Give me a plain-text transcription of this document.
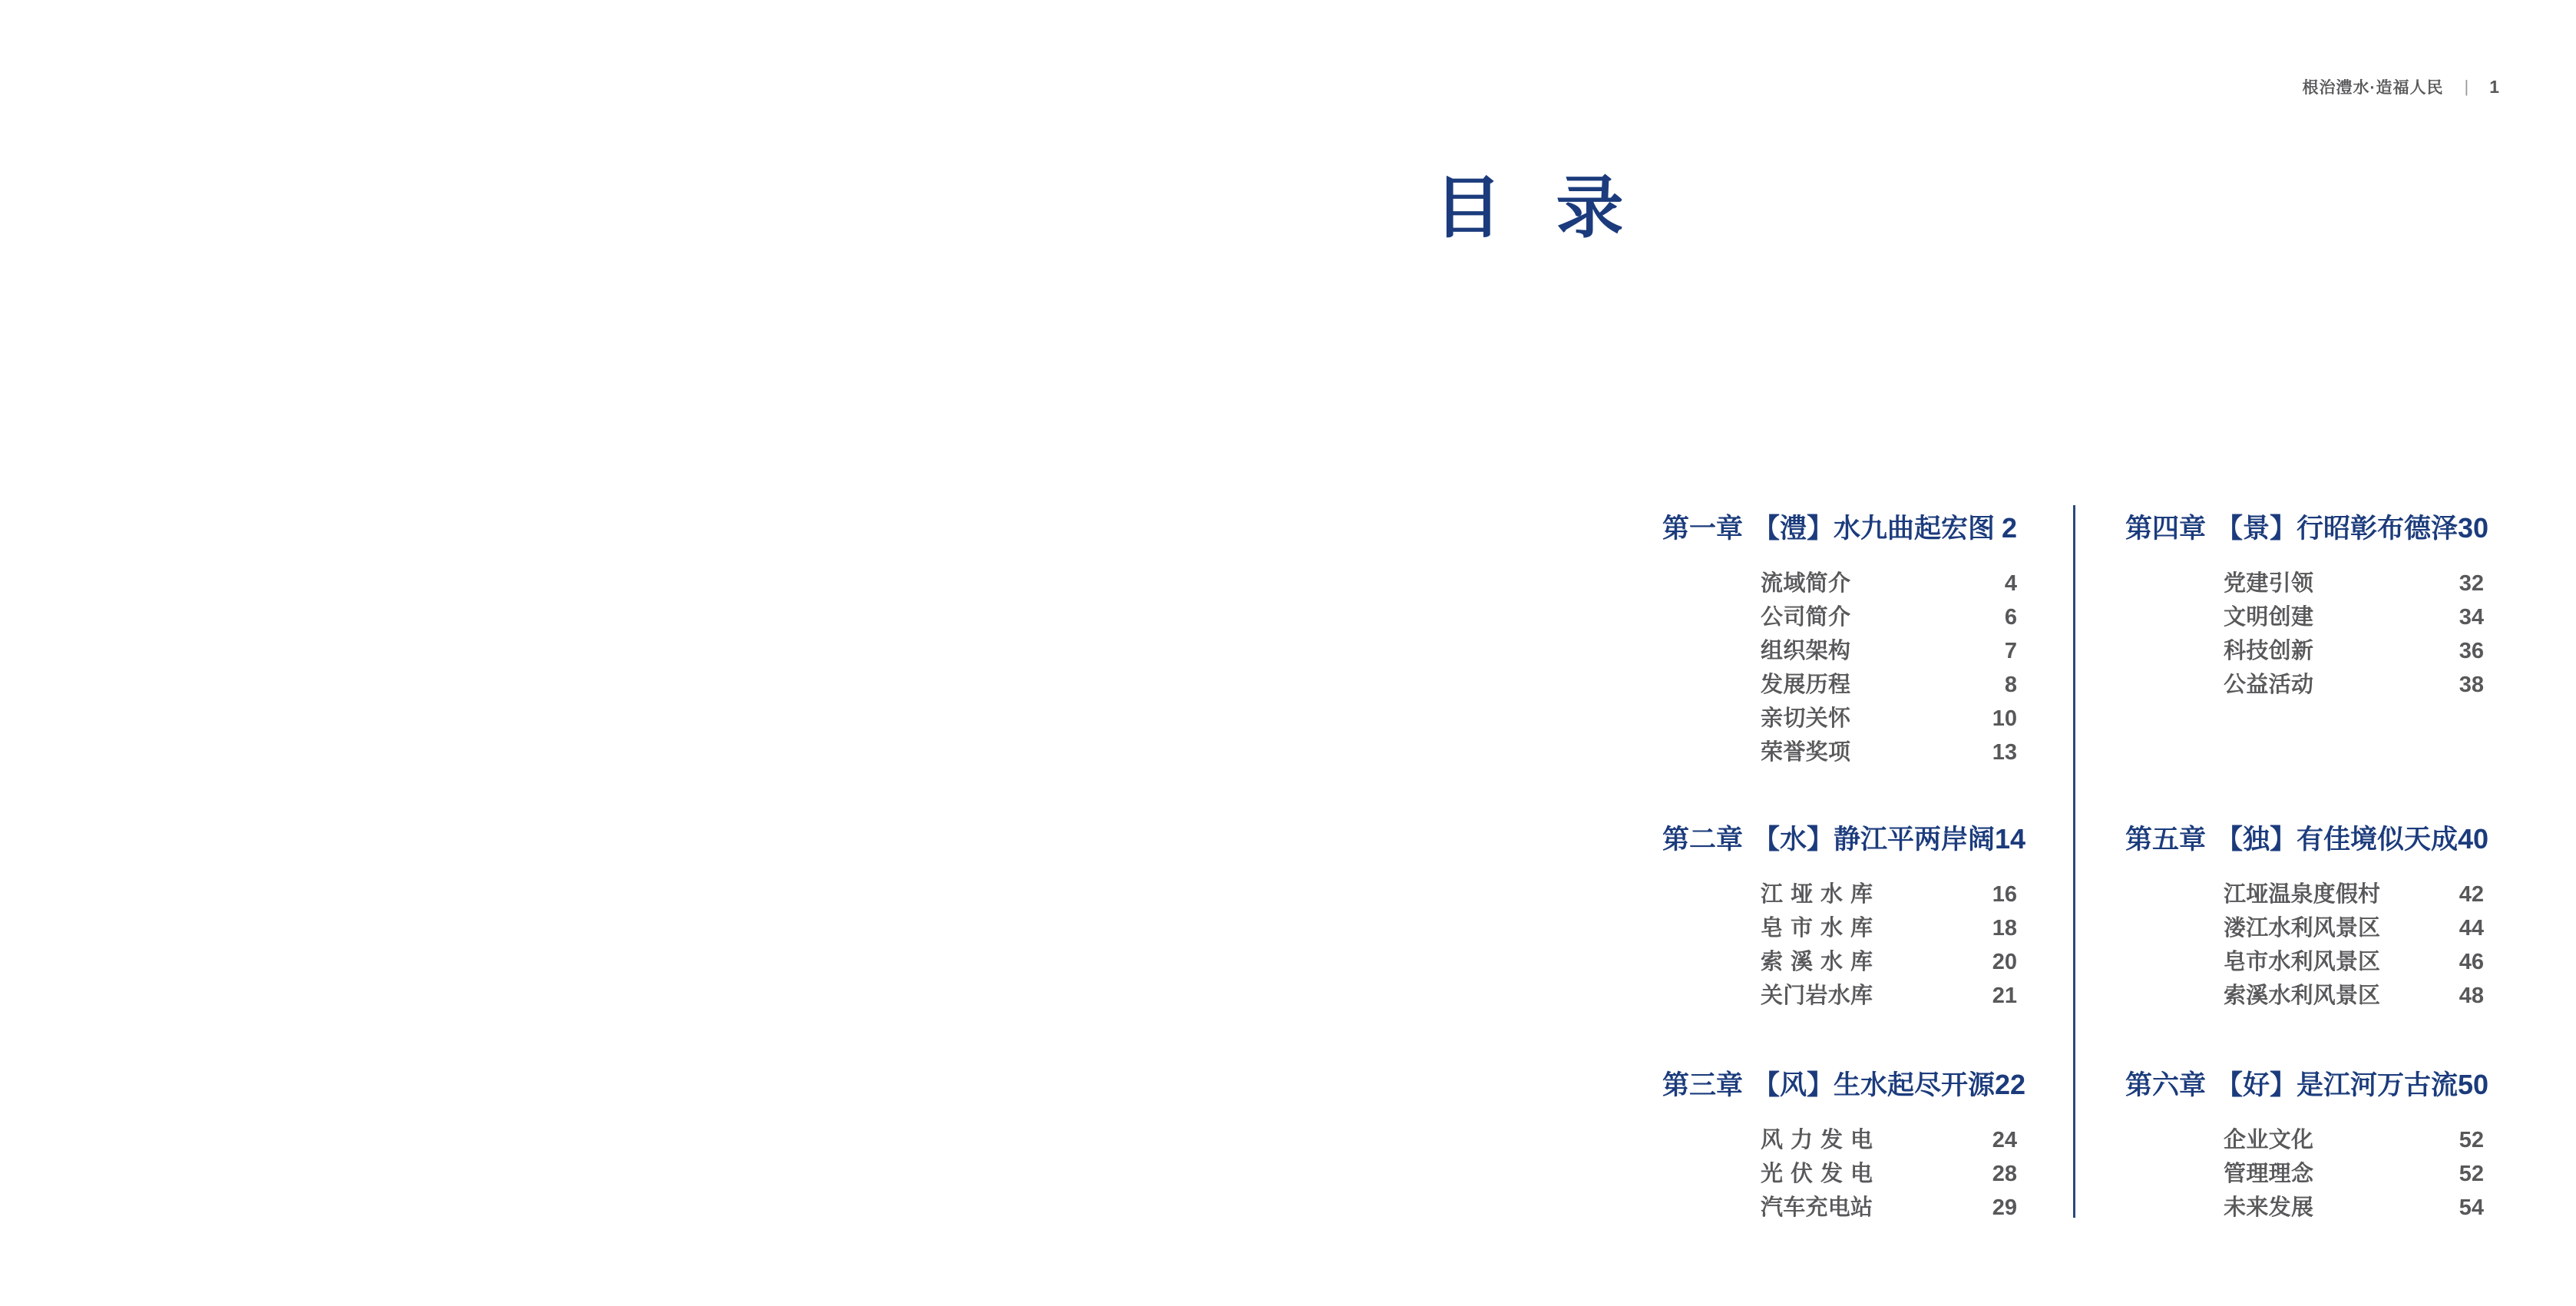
根治澧水·造福人民 | 1
目 录
第一章 【澧】水九曲起宏图 2
流域简介	4
公司简介	6
组织架构	7
发展历程	8
亲切关怀	10
荣誉奖项	13
第二章 【水】静江平两岸阔 14
江垭水库	16
皂市水库	18
索溪水库	20
关门岩水库	21
第三章 【风】生水起尽开源 22
风力发电	24
光伏发电	28
汽车充电站	29
第四章 【景】行昭彰布德泽 30
党建引领	32
文明创建	34
科技创新	36
公益活动	38
第五章 【独】有佳境似天成 40
江垭温泉度假村	42
溇江水利风景区	44
皂市水利风景区	46
索溪水利风景区	48
第六章 【好】是江河万古流 50
企业文化	52
管理理念	52
未来发展	54
